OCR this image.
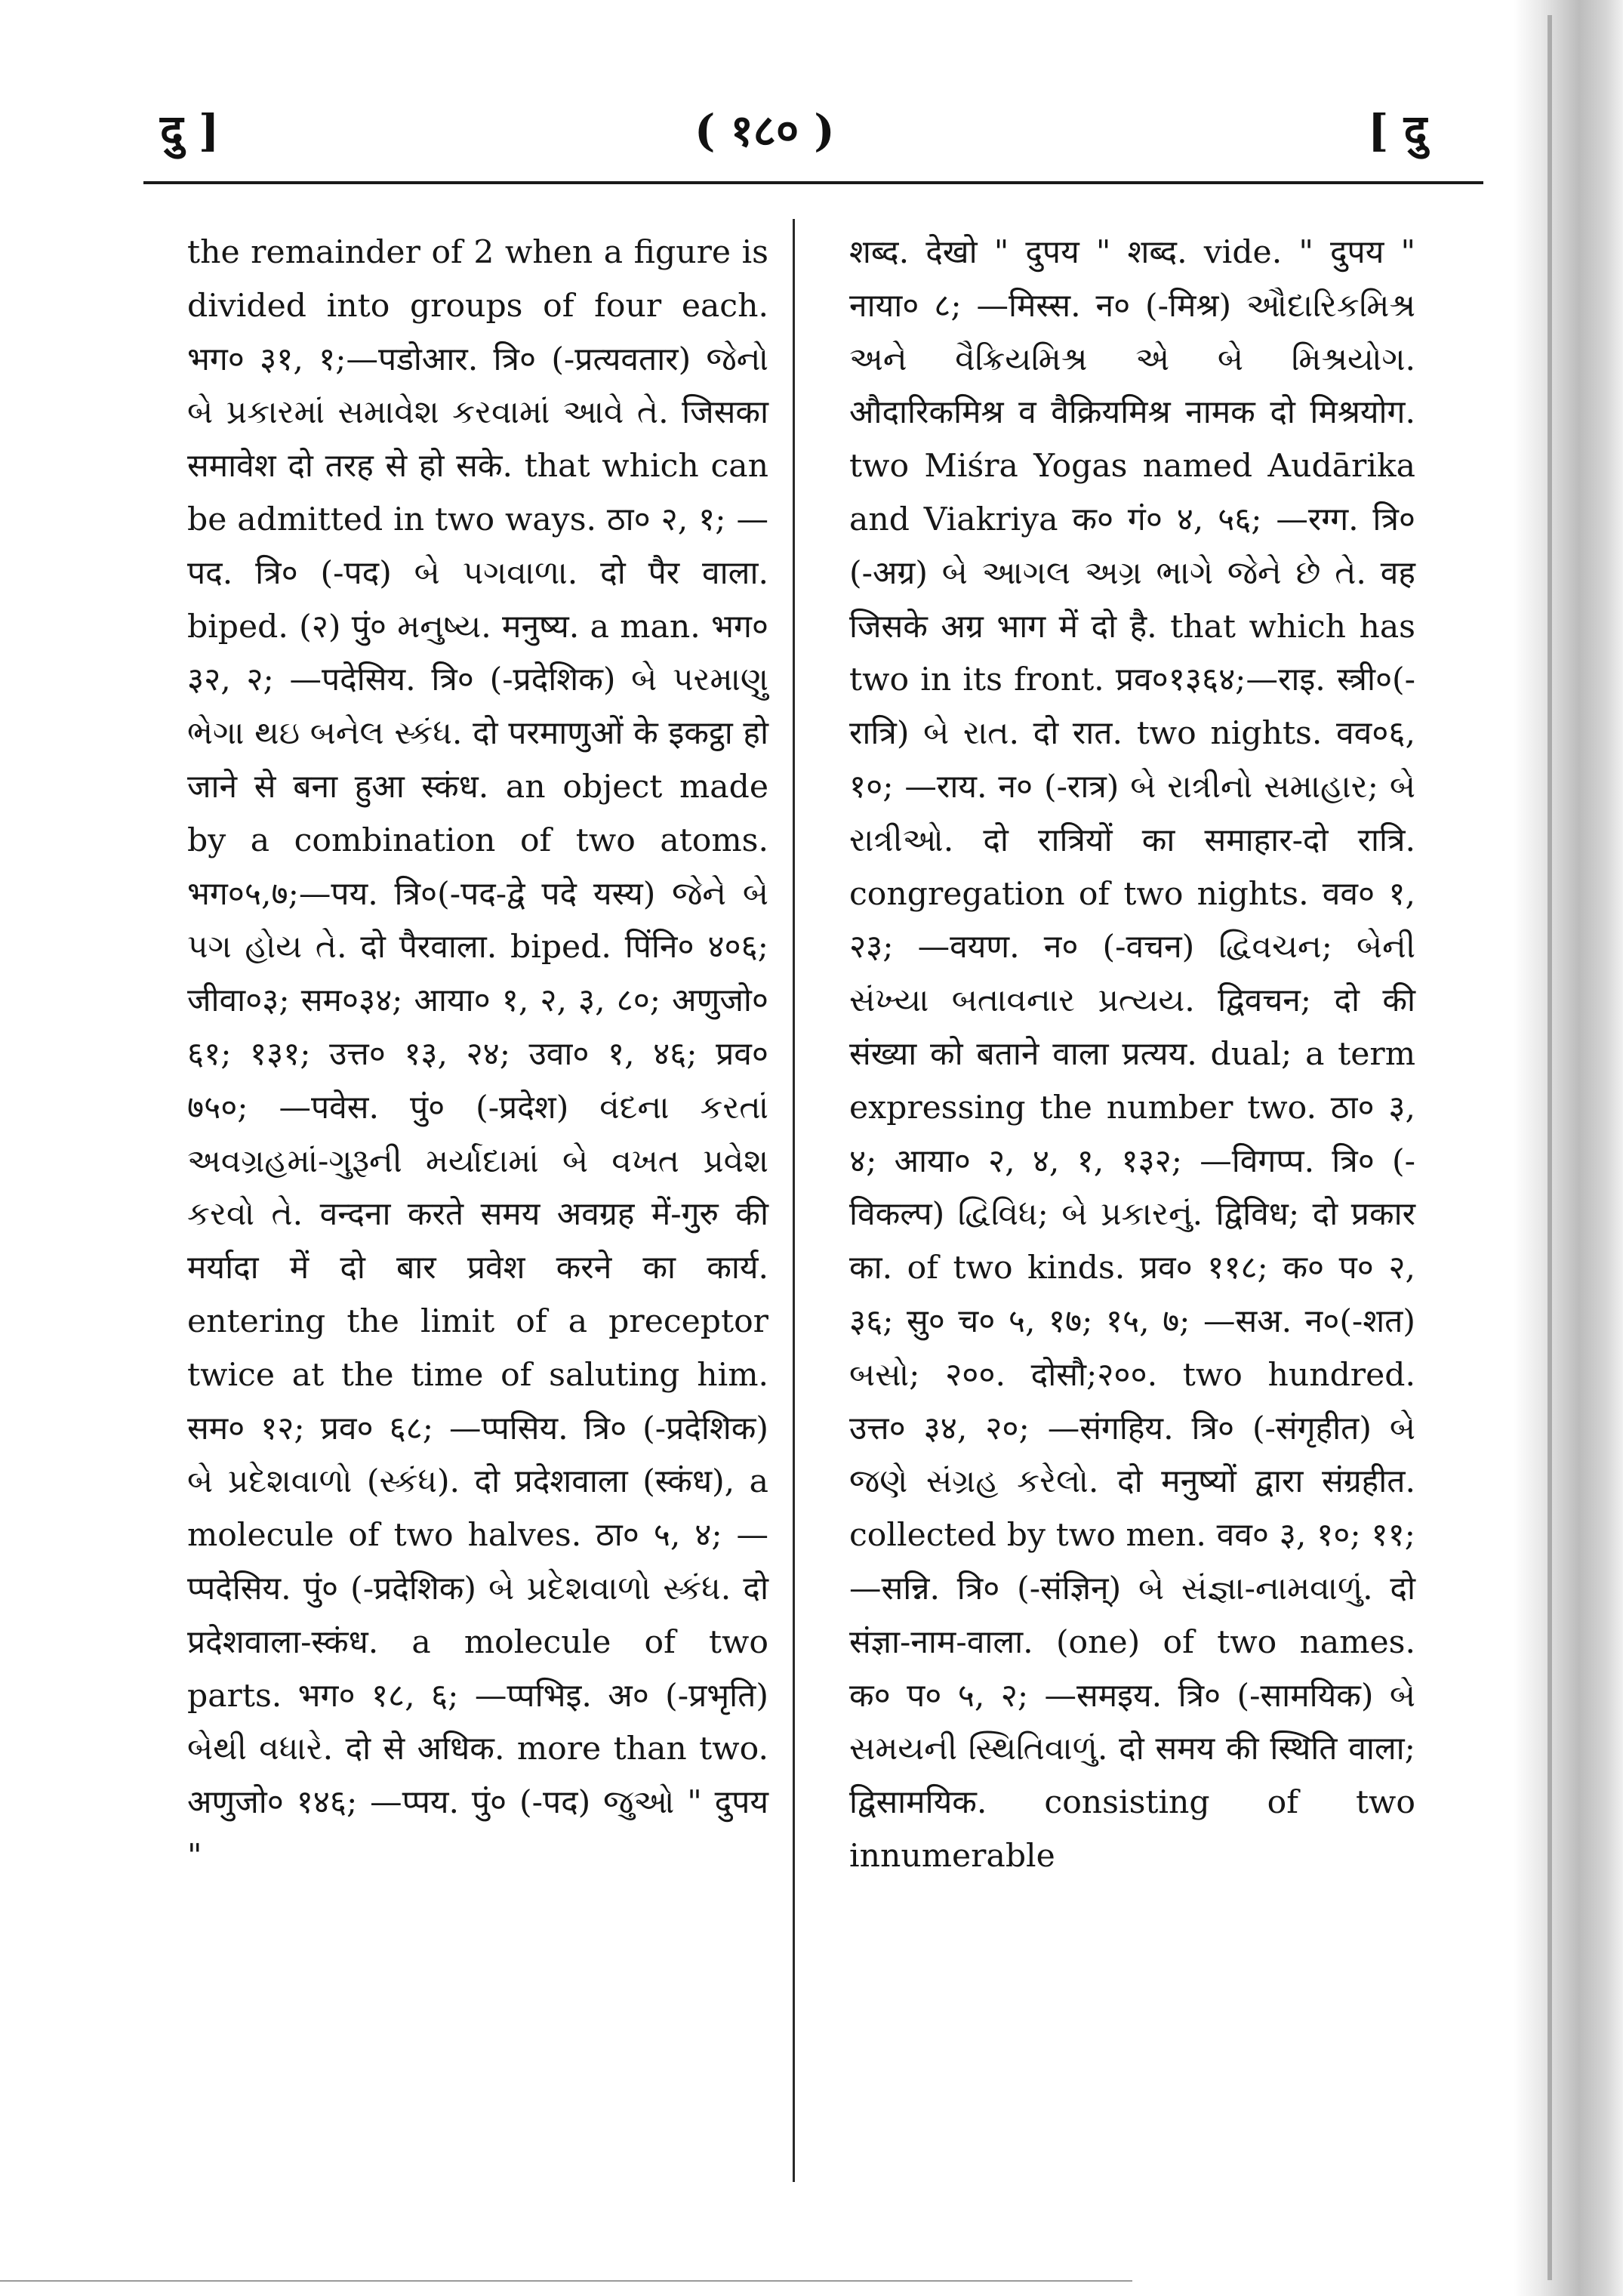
दु ]	( १८० )	[ दु
the remainder of 2 when a figure is divided into groups of four each. भग० ३१, १;—पडोआर. त्रि० (-प्रत्यवतार) જેનો બે પ્રકારમાં સમાવેશ કરવામાં આવે તે. जिसका समावेश दो तरह से हो सके. that which can be admitted in two ways. ठा० २, १; —पद. त्रि० (-पद) બે પગવાળા. दो पैर वाला. biped. (२) पुं० મનુષ્ય. मनुष्य. a man. भग० ३२, २; —पदेसिय. त्रि० (-प्रदेशिक) બે પરમાણુ ભેગા થઇ બનેલ સ્કંધ. दो परमाणुओं के इकट्ठा हो जाने से बना हुआ स्कंध. an object made by a combination of two atoms. भग०५,७;—पय. त्रि०(-पद-द्वे पदे यस्य) જેને બે પગ હોય તે. दो पैरवाला. biped. पिंनि० ४०६; जीवा०३; सम०३४; आया० १, २, ३, ८०; अणुजो० ६१; १३१; उत्त० १३, २४; उवा० १, ४६; प्रव० ७५०; —पवेस. पुं० (-प्रदेश) વંદના કરતાં અવગ્રહમાં-ગુરૂની મર્યાદામાં બે વખત પ્રવેશ કરવો તે. वन्दना करते समय अवग्रह में-गुरु की मर्यादा में दो बार प्रवेश करने का कार्य. entering the limit of a preceptor twice at the time of saluting him. सम० १२; प्रव० ६८; —प्पसिय. त्रि० (-प्रदेशिक) બે પ્રદેશવાળો (સ્કંધ). दो प्रदेशवाला (स्कंध), a molecule of two halves. ठा० ५, ४; —प्पदेसिय. पुं० (-प्रदेशिक) બે પ્રદેશવાળો સ્કંધ. दो प्रदेशवाला-स्कंध. a molecule of two parts. भग० १८, ६; —प्पभिइ. अ० (-प्रभृति) બેથી વધારે. दो से अधिक. more than two. अणुजो० १४६; —प्पय. पुं० (-पद) જુઓ " दुपय "
शब्द. देखो " दुपय " शब्द. vide. " दुपय " नाया० ८; —मिस्स. न० (-मिश्र) ઔદારિકમિશ્ર અને વૈક્રિયમિશ્ર એ બે મિશ્રયોગ. औदारिकमिश्र व वैक्रियमिश्र नामक दो मिश्रयोग. two Miśra Yogas named Audārika and Viakriya क० गं० ४, ५६; —रग्ग. त्रि० (-अग्र) બે આગલ અગ્ર ભાગે જેને છે તે. वह जिसके अग्र भाग में दो है. that which has two in its front. प्रव०१३६४;—राइ. स्त्री०(-रात्रि) બે રાત. दो रात. two nights. वव०६, १०; —राय. न० (-रात्र) બે રાત્રીનો સમાહાર; બે રાત્રીઓ. दो रात्रियों का समाहार-दो रात्रि. congregation of two nights. वव० १, २३; —वयण. न० (-वचन) દ્વિવચન; બેની સંખ્યા બતાવનાર પ્રત્યય. द्विवचन; दो की संख्या को बताने वाला प्रत्यय. dual; a term expressing the number two. ठा० ३, ४; आया० २, ४, १, १३२; —विगप्प. त्रि० (-विकल्प) દ્વિવિધ; બે પ્રકારનું. द्विविध; दो प्रकार का. of two kinds. प्रव० ११८; क० प० २, ३६; सु० च० ५, १७; १५, ७; —सअ. न०(-शत) બસો; २००. दोसौ;२००. two hundred. उत्त० ३४, २०; —संगहिय. त्रि० (-संगृहीत) બે જણે સંગ્રહ કરેલો. दो मनुष्यों द्वारा संग्रहीत. collected by two men. वव० ३, १०; ११; —सन्नि. त्रि० (-संज्ञिन्) બે સંજ્ઞા-નામવાળું. दो संज्ञा-नाम-वाला. (one) of two names. क० प० ५, २; —समइय. त्रि० (-सामयिक) બે સમયની સ્થિતિવાળું. दो समय की स्थिति वाला; द्विसामयिक. consisting of two innumerable
